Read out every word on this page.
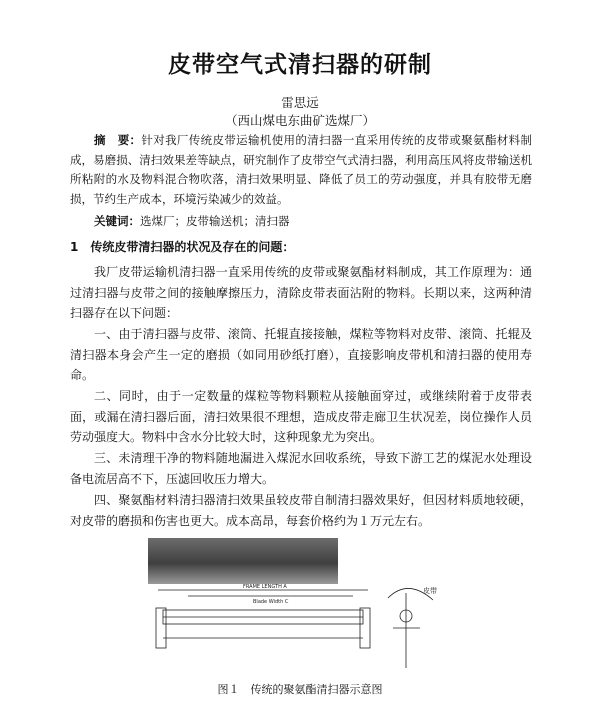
皮带空气式清扫器的研制
雷思远
（西山煤电东曲矿选煤厂）
摘　要：针对我厂传统皮带运输机使用的清扫器一直采用传统的皮带或聚氨酯材料制成，易磨损、清扫效果差等缺点，研究制作了皮带空气式清扫器，利用高压风将皮带输送机所粘附的水及物料混合物吹落，清扫效果明显、降低了员工的劳动强度，并具有胶带无磨损，节约生产成本，环境污染减少的效益。
关键词：选煤厂；皮带输送机；清扫器
1　传统皮带清扫器的状况及存在的问题：
我厂皮带运输机清扫器一直采用传统的皮带或聚氨酯材料制成，其工作原理为：通过清扫器与皮带之间的接触摩擦压力，清除皮带表面沾附的物料。长期以来，这两种清扫器存在以下问题：
一、由于清扫器与皮带、滚筒、托辊直接接触，煤粒等物料对皮带、滚筒、托辊及清扫器本身会产生一定的磨损（如同用砂纸打磨），直接影响皮带机和清扫器的使用寿命。
二、同时，由于一定数量的煤粒等物料颗粒从接触面穿过，或继续附着于皮带表面，或漏在清扫器后面，清扫效果很不理想，造成皮带走廊卫生状况差，岗位操作人员劳动强度大。物料中含水分比较大时，这种现象尤为突出。
三、未清理干净的物料随地漏进入煤泥水回收系统，导致下游工艺的煤泥水处理设备电流居高不下，压滤回收压力增大。
四、聚氨酯材料清扫器清扫效果虽较皮带自制清扫器效果好，但因材料质地较硬，对皮带的磨损和伤害也更大。成本高昂，每套价格约为１万元左右。
FRAME LENGTH A
Blade Width C
皮带
图１　传统的聚氨酯清扫器示意图
